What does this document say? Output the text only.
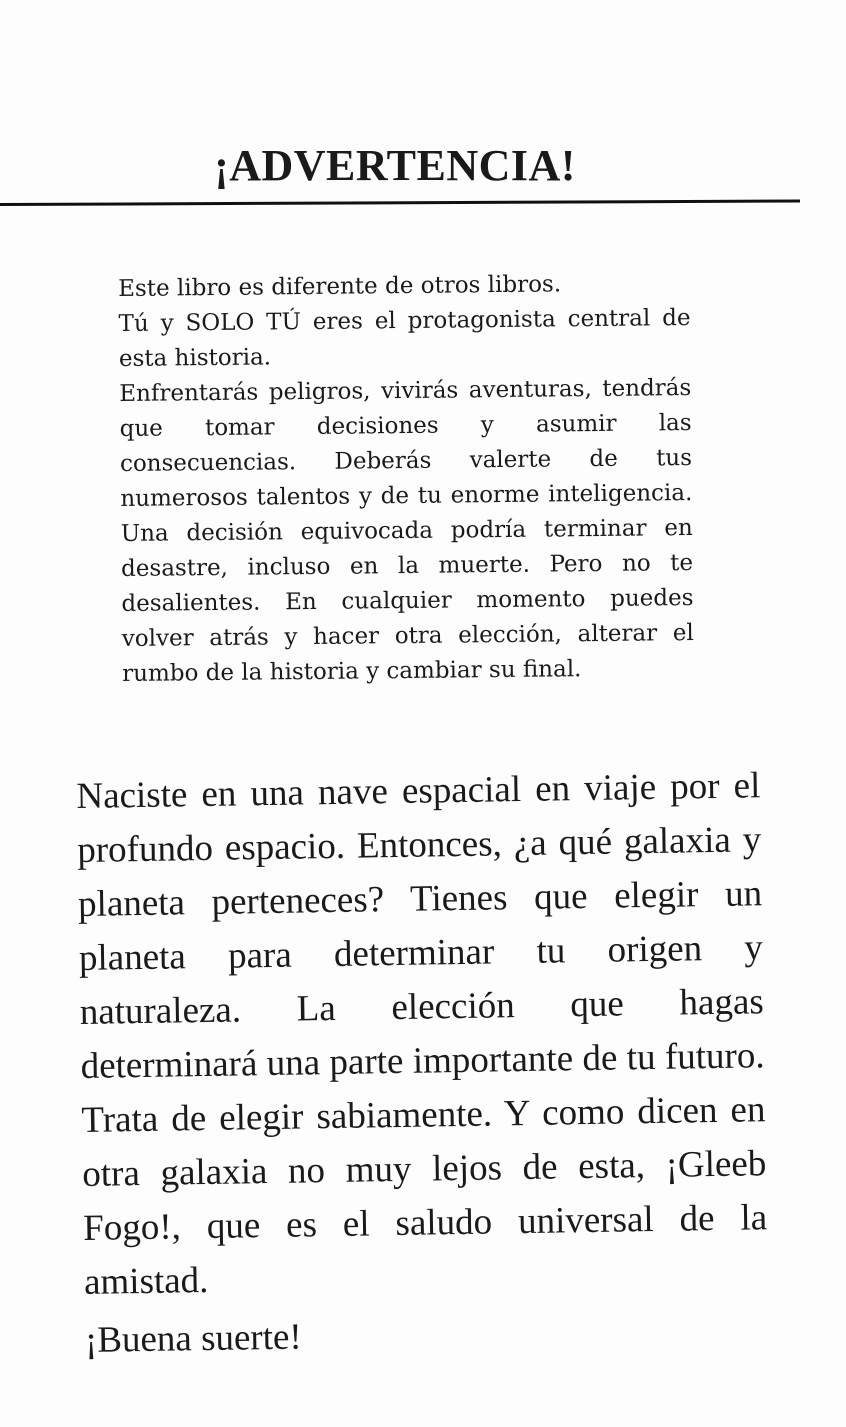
¡ADVERTENCIA!

Este libro es diferente de otros libros.

Tú y SOLO TÚ eres el protagonista central de esta historia.

Enfrentarás peligros, vivirás aventuras, tendrás que tomar decisiones y asumir las consecuencias. Deberás valerte de tus numerosos talentos y de tu enorme inteligencia. Una decisión equivocada podría terminar en desastre, incluso en la muerte. Pero no te desalientes. En cualquier momento puedes volver atrás y hacer otra elección, alterar el rumbo de la historia y cambiar su final.

Naciste en una nave espacial en viaje por el profundo espacio. Entonces, ¿a qué galaxia y planeta perteneces? Tienes que elegir un planeta para determinar tu origen y naturaleza. La elección que hagas determinará una parte importante de tu futuro. Trata de elegir sabiamente. Y como dicen en otra galaxia no muy lejos de esta, ¡Gleeb Fogo!, que es el saludo universal de la amistad.

¡Buena suerte!
